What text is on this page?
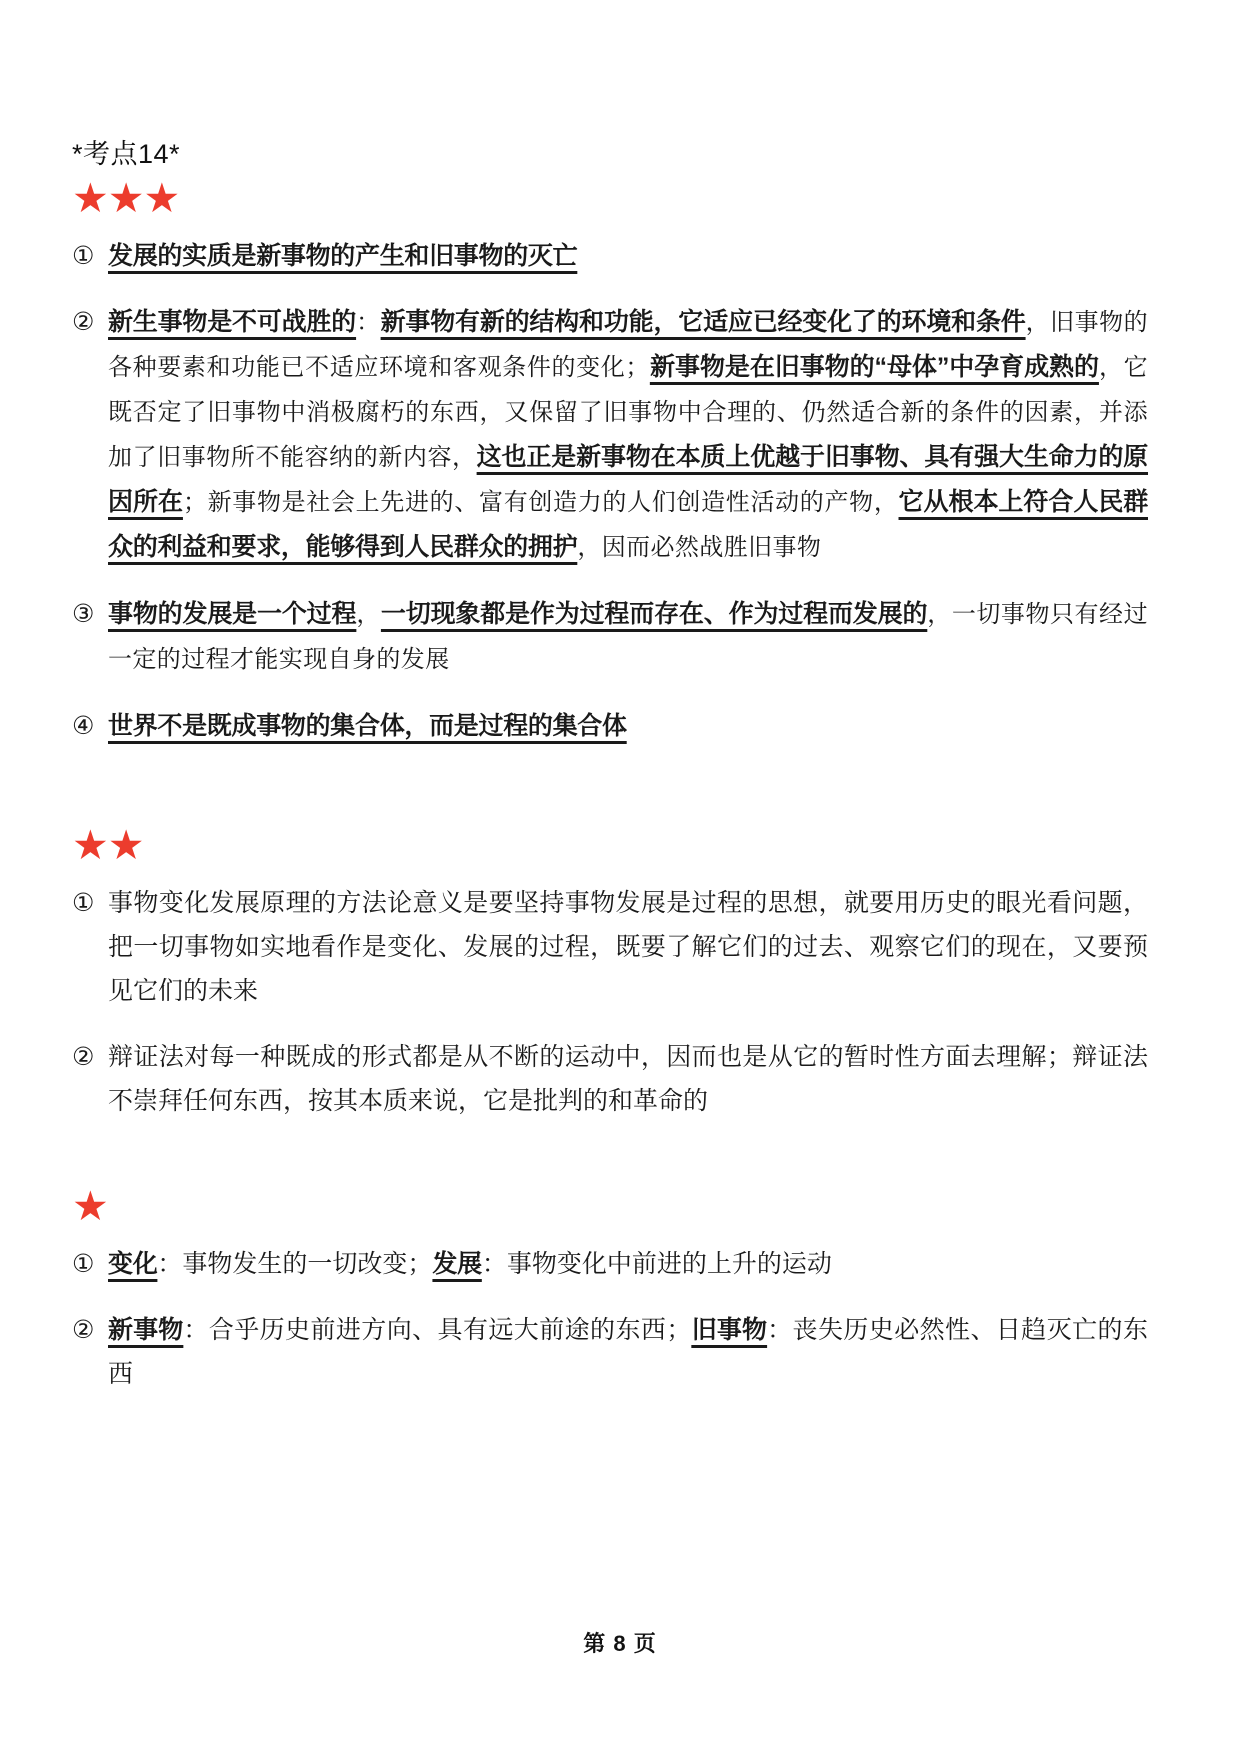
*考点14*
★★★
① 发展的实质是新事物的产生和旧事物的灭亡
② 新生事物是不可战胜的：新事物有新的结构和功能，它适应已经变化了的环境和条件，旧事物的各种要素和功能已不适应环境和客观条件的变化；新事物是在旧事物的“母体”中孕育成熟的，它既否定了旧事物中消极腐朽的东西，又保留了旧事物中合理的、仍然适合新的条件的因素，并添加了旧事物所不能容纳的新内容，这也正是新事物在本质上优越于旧事物、具有强大生命力的原因所在；新事物是社会上先进的、富有创造力的人们创造性活动的产物，它从根本上符合人民群众的利益和要求，能够得到人民群众的拥护，因而必然战胜旧事物
③ 事物的发展是一个过程，一切现象都是作为过程而存在、作为过程而发展的，一切事物只有经过一定的过程才能实现自身的发展
④ 世界不是既成事物的集合体，而是过程的集合体
★★
① 事物变化发展原理的方法论意义是要坚持事物发展是过程的思想，就要用历史的眼光看问题，把一切事物如实地看作是变化、发展的过程，既要了解它们的过去、观察它们的现在，又要预见它们的未来
② 辩证法对每一种既成的形式都是从不断的运动中，因而也是从它的暂时性方面去理解；辩证法不崇拜任何东西，按其本质来说，它是批判的和革命的
★
① 变化：事物发生的一切改变；发展：事物变化中前进的上升的运动
② 新事物：合乎历史前进方向、具有远大前途的东西；旧事物：丧失历史必然性、日趋灭亡的东西
第 8 页
